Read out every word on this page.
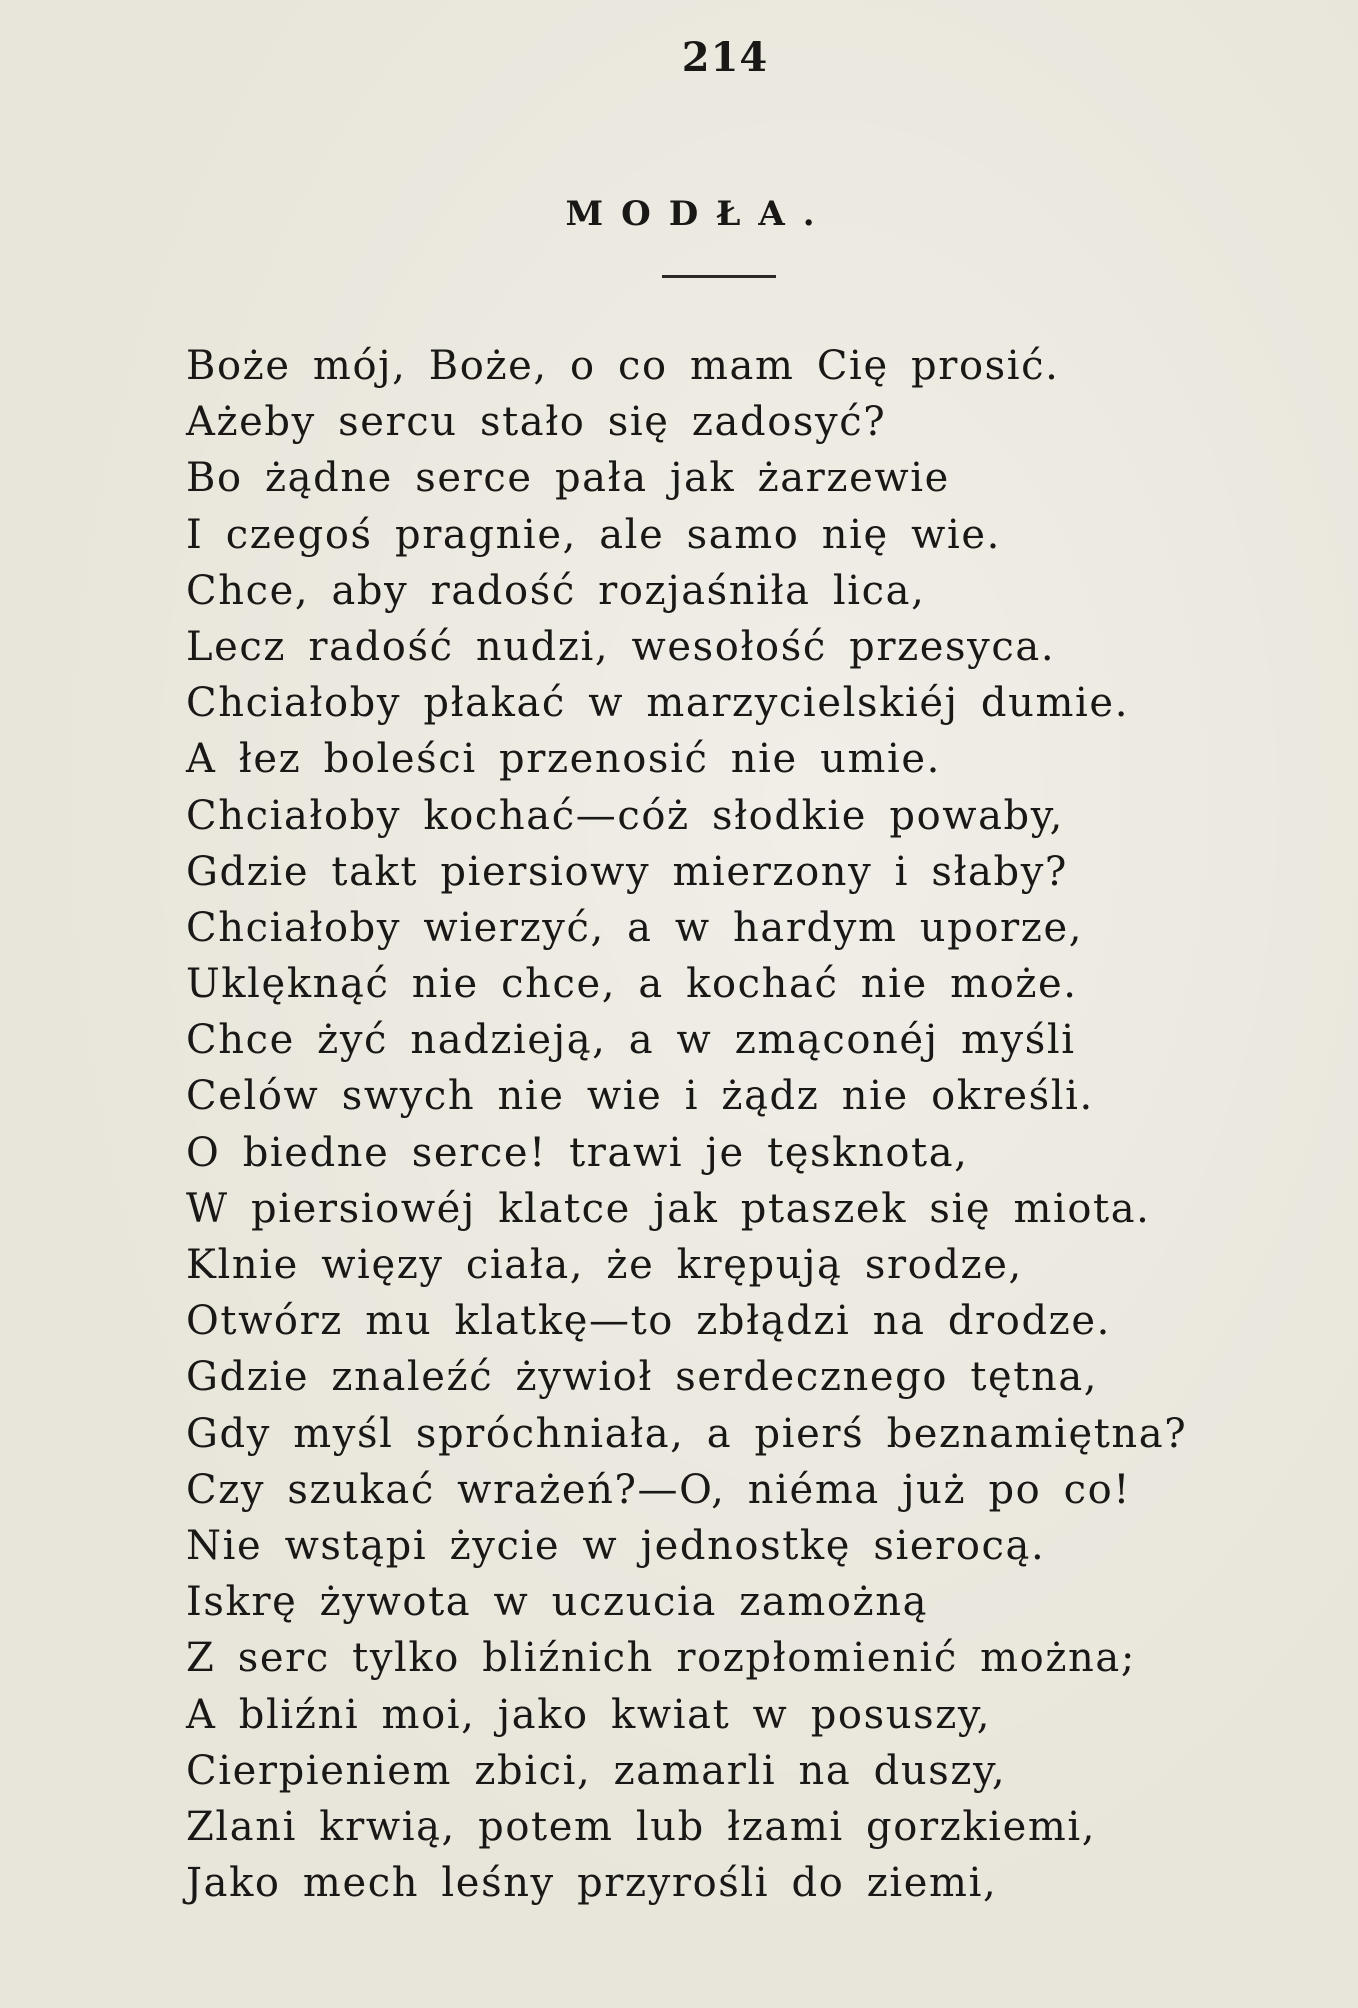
214
MODŁA.
Boże mój, Boże, o co mam Cię prosić.
Ażeby sercu stało się zadosyć?
Bo żądne serce pała jak żarzewie
I czegoś pragnie, ale samo nię wie.
Chce, aby radość rozjaśniła lica,
Lecz radość nudzi, wesołość przesyca.
Chciałoby płakać w marzycielskiéj dumie.
A łez boleści przenosić nie umie.
Chciałoby kochać—cóż słodkie powaby,
Gdzie takt piersiowy mierzony i słaby?
Chciałoby wierzyć, a w hardym uporze,
Uklęknąć nie chce, a kochać nie może.
Chce żyć nadzieją, a w zmąconéj myśli
Celów swych nie wie i żądz nie określi.
O biedne serce! trawi je tęsknota,
W piersiowéj klatce jak ptaszek się miota.
Klnie więzy ciała, że krępują srodze,
Otwórz mu klatkę—to zbłądzi na drodze.
Gdzie znaleźć żywioł serdecznego tętna,
Gdy myśl spróchniała, a pierś beznamiętna?
Czy szukać wrażeń?—O, niéma już po co!
Nie wstąpi życie w jednostkę sierocą.
Iskrę żywota w uczucia zamożną
Z serc tylko bliźnich rozpłomienić można;
A bliźni moi, jako kwiat w posuszy,
Cierpieniem zbici, zamarli na duszy,
Zlani krwią, potem lub łzami gorzkiemi,
Jako mech leśny przyrośli do ziemi,
